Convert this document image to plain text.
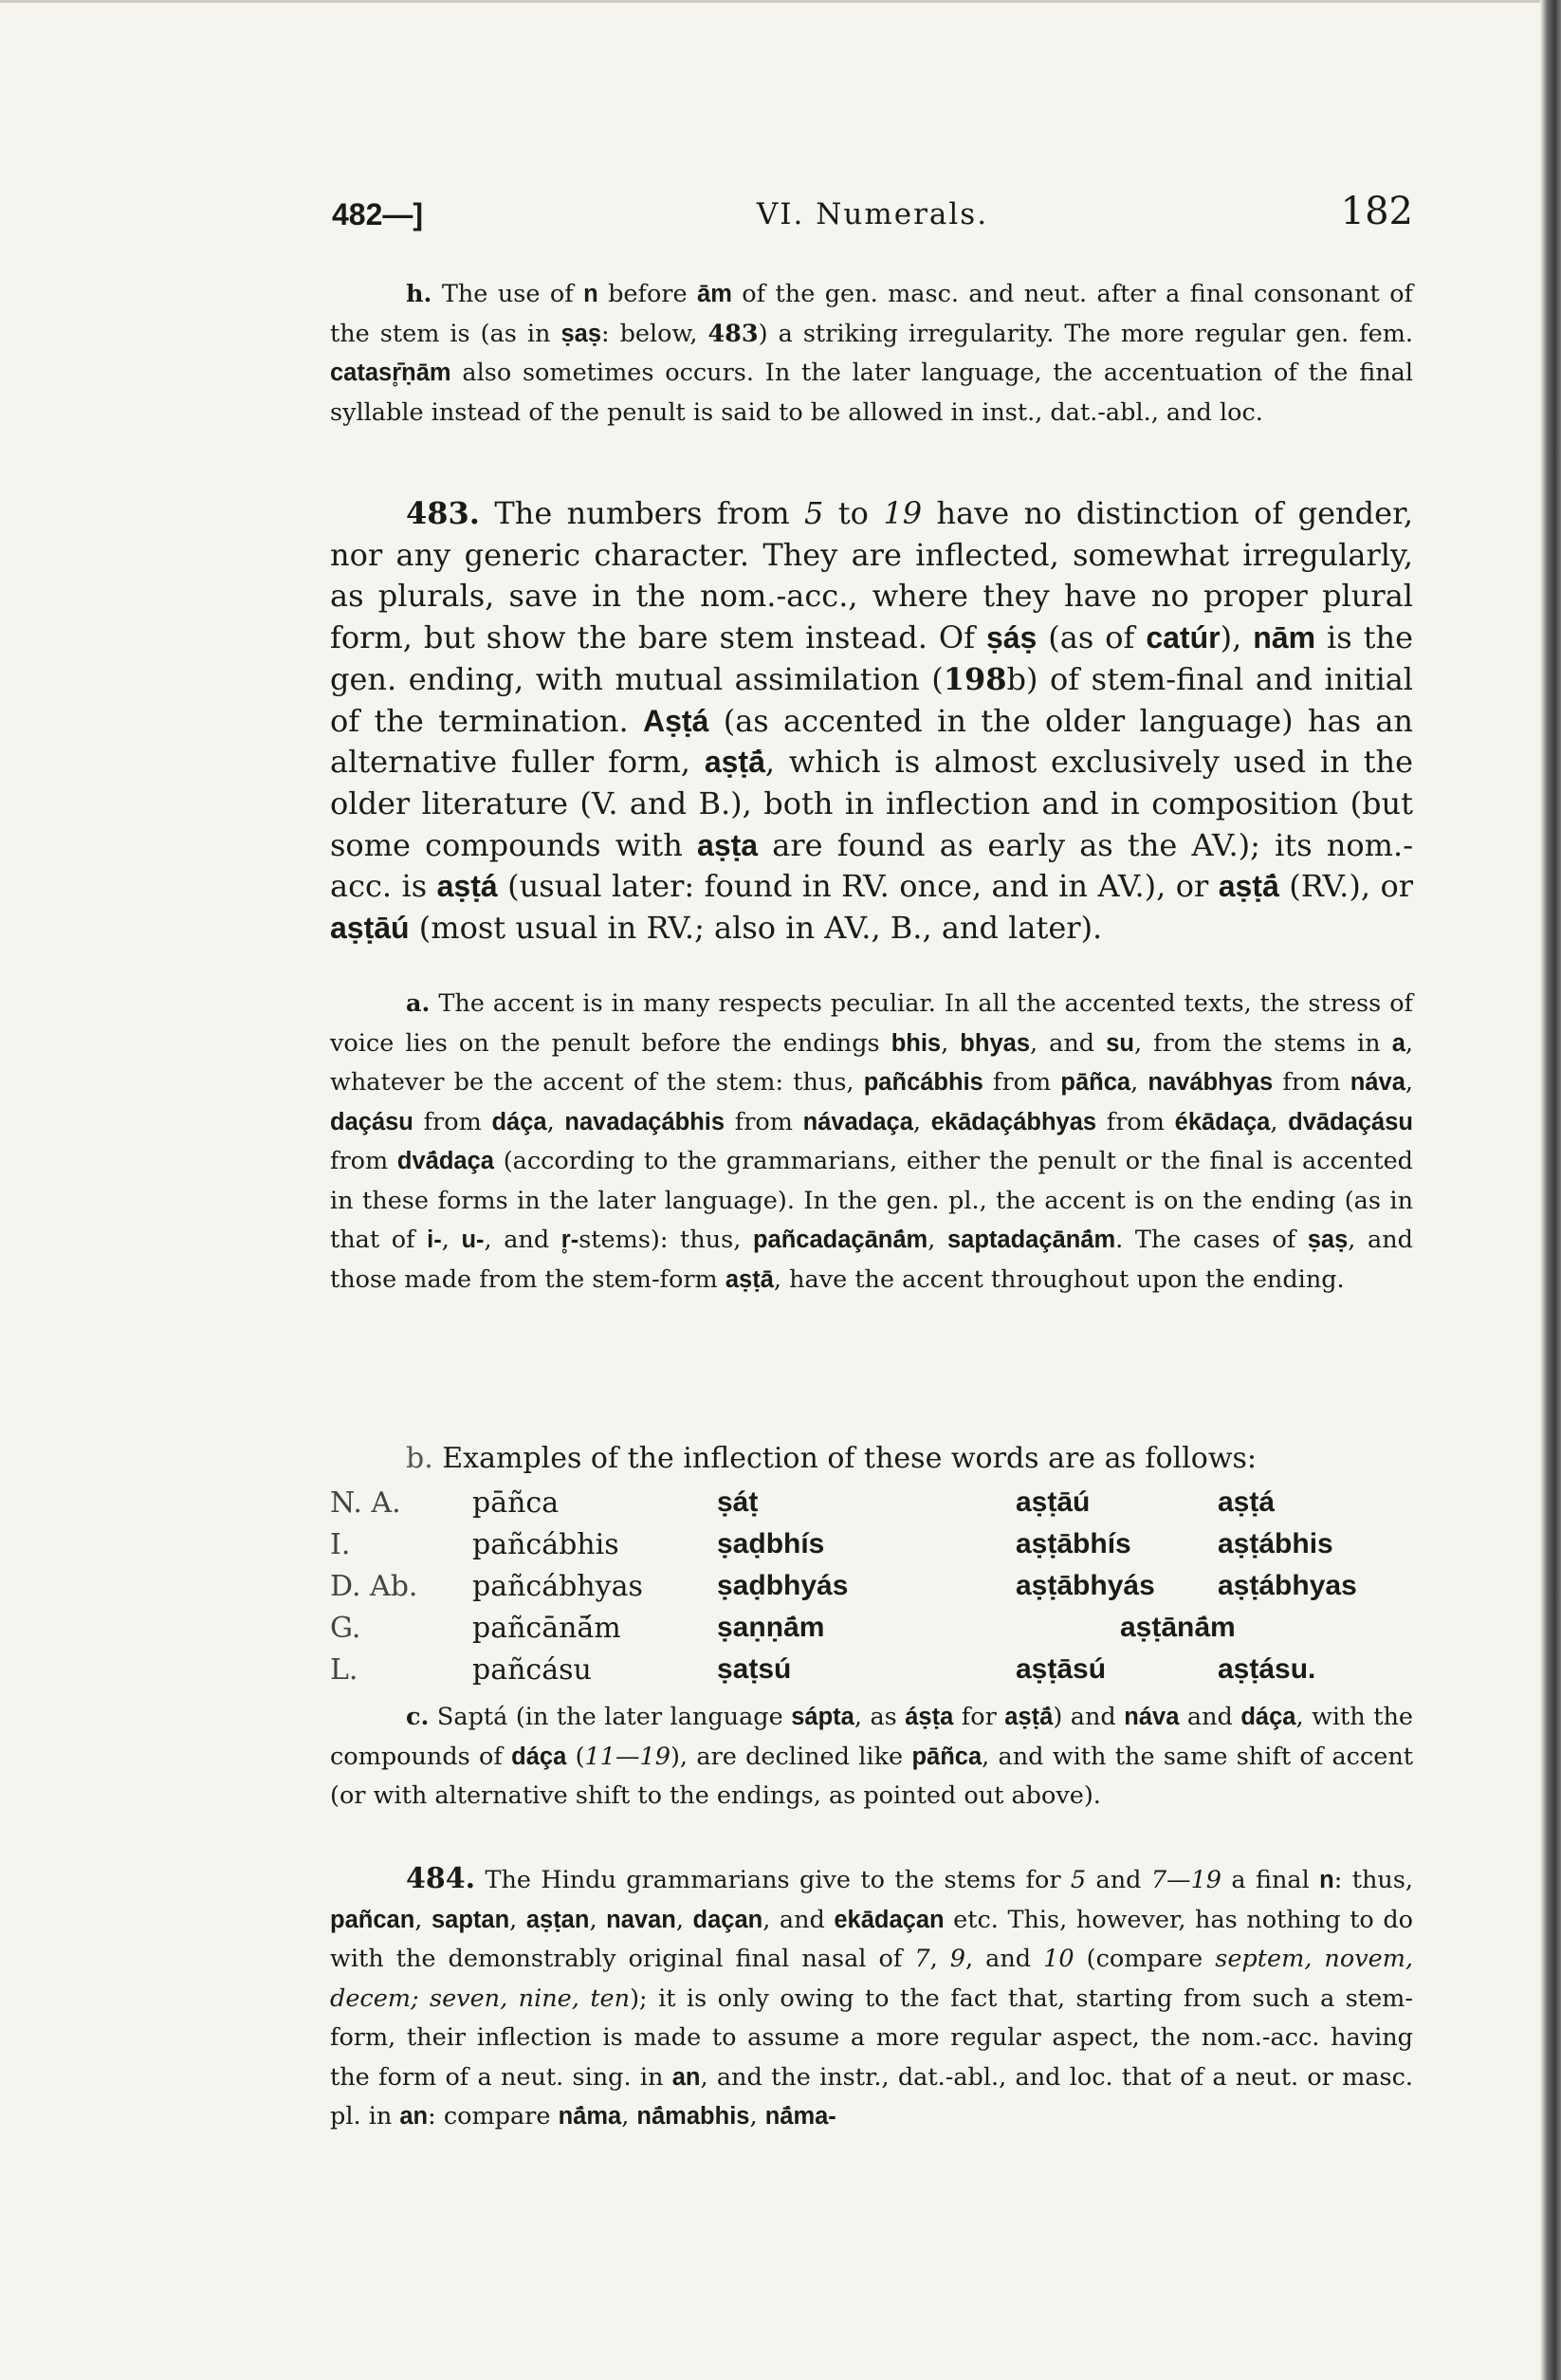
482—]	VI. Numerals.	182

h. The use of n before ām of the gen. masc. and neut. after a final consonant of the stem is (as in ṣaṣ: below, 483) a striking irregularity. The more regular gen. fem. catasr̥̄ṇām also sometimes occurs. In the later language, the accentuation of the final syllable instead of the penult is said to be allowed in inst., dat.-abl., and loc.

483. The numbers from 5 to 19 have no distinction of gender, nor any generic character. They are inflected, somewhat irregularly, as plurals, save in the nom.-acc., where they have no proper plural form, but show the bare stem instead. Of ṣáṣ (as of catúr), nām is the gen. ending, with mutual assimilation (198b) of stem-final and initial of the termination. Aṣṭá (as accented in the older language) has an alternative fuller form, aṣṭā́, which is almost exclusively used in the older literature (V. and B.), both in inflection and in composition (but some compounds with aṣṭa are found as early as the AV.); its nom.-acc. is aṣṭá (usual later: found in RV. once, and in AV.), or aṣṭā́ (RV.), or aṣṭāú (most usual in RV.; also in AV., B., and later).

a. The accent is in many respects peculiar. In all the accented texts, the stress of voice lies on the penult before the endings bhis, bhyas, and su, from the stems in a, whatever be the accent of the stem: thus, pañcábhis from pāñca, navábhyas from náva, daçásu from dáça, navadaçábhis from návadaça, ekādaçábhyas from ékādaça, dvādaçásu from dvā́daça (according to the grammarians, either the penult or the final is accented in these forms in the later language). In the gen. pl., the accent is on the ending (as in that of i-, u-, and r̥-stems): thus, pañcadaçānā́m, saptadaçānā́m. The cases of ṣaṣ, and those made from the stem-form aṣṭā, have the accent throughout upon the ending.

b. Examples of the inflection of these words are as follows:

N. A.	pāñca	ṣáṭ	aṣṭāú	aṣṭá
I.	pañcábhis	ṣaḍbhís	aṣṭābhís	aṣṭábhis
D. Ab.	pañcábhyas	ṣaḍbhyás	aṣṭābhyás	aṣṭábhyas
G.	pañcānā́m	ṣaṇṇā́m	aṣṭānā́m	
L.	pañcásu	ṣaṭsú	aṣṭāsú	aṣṭásu.

c. Saptá (in the later language sápta, as áṣṭa for aṣṭā́) and náva and dáça, with the compounds of dáça (11—19), are declined like pāñca, and with the same shift of accent (or with alternative shift to the endings, as pointed out above).

484. The Hindu grammarians give to the stems for 5 and 7—19 a final n: thus, pañcan, saptan, aṣṭan, navan, daçan, and ekādaçan etc. This, however, has nothing to do with the demonstrably original final nasal of 7, 9, and 10 (compare septem, novem, decem; seven, nine, ten); it is only owing to the fact that, starting from such a stem-form, their inflection is made to assume a more regular aspect, the nom.-acc. having the form of a neut. sing. in an, and the instr., dat.-abl., and loc. that of a neut. or masc. pl. in an: compare nā́ma, nā́mabhis, nā́ma-
